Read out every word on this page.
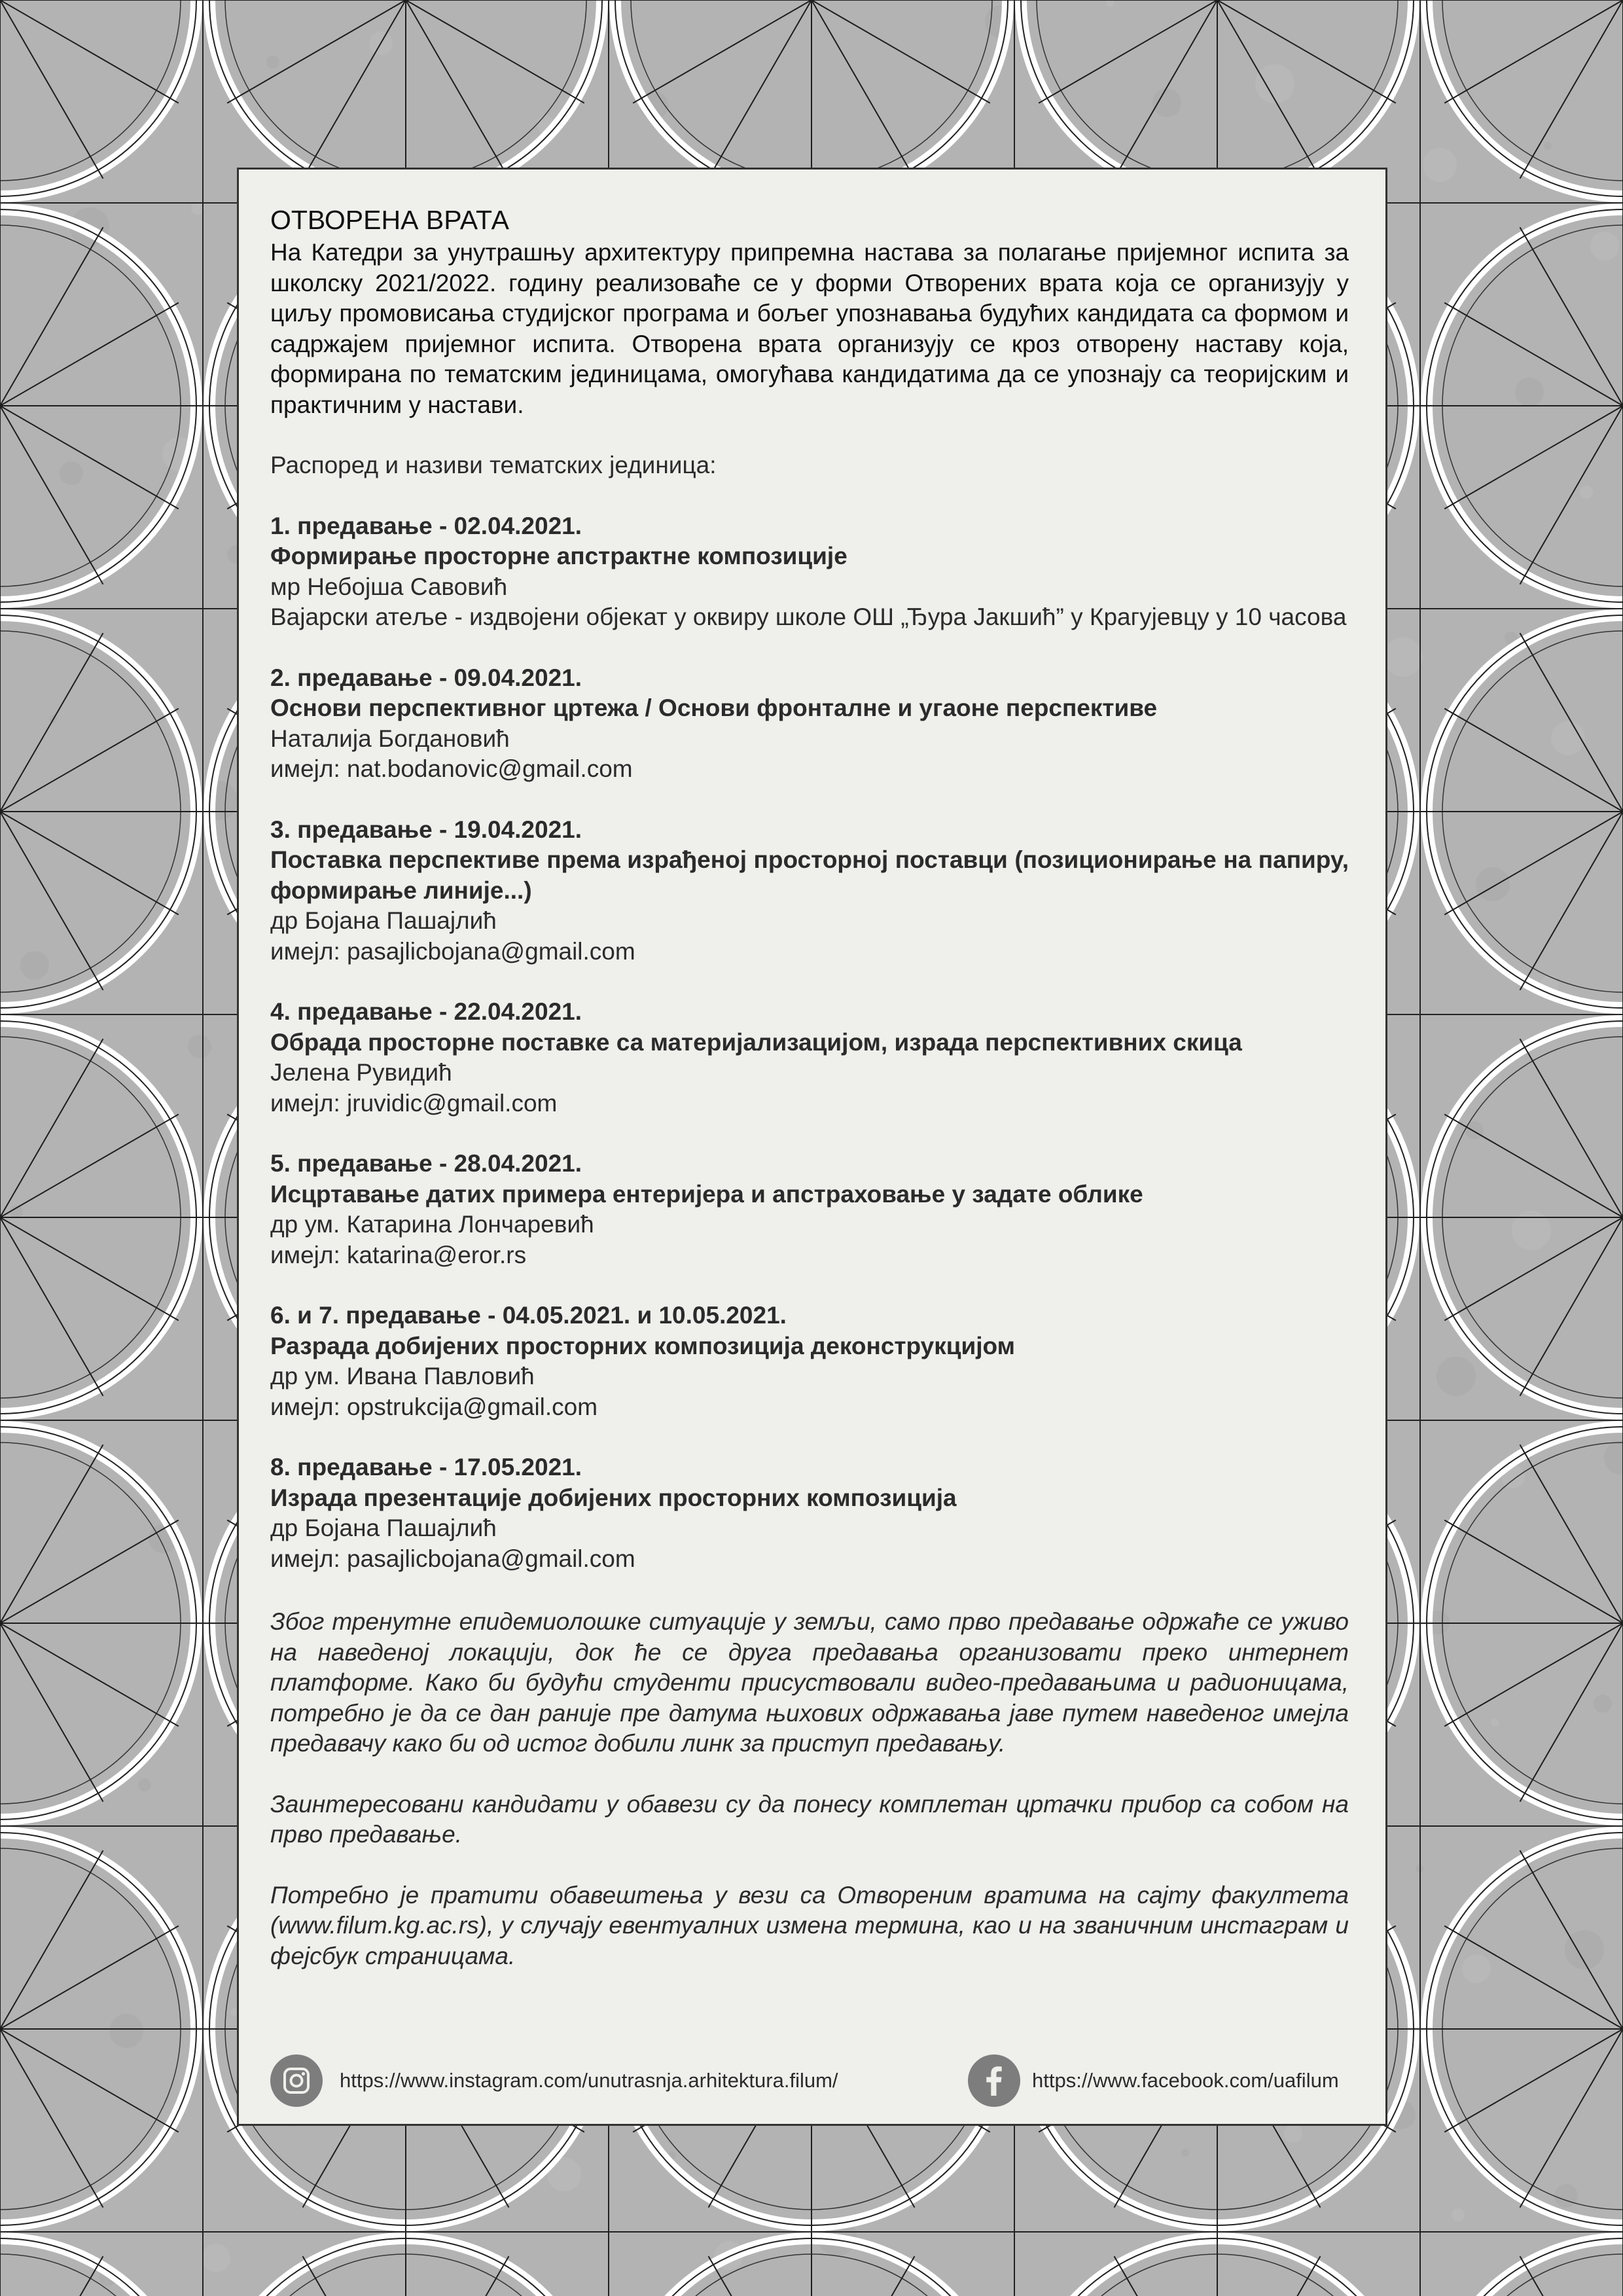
ОТВОРЕНА ВРАТА
На Катедри за унутрашњу архитектуру припремна настава за полагање пријемног испита за школску 2021/2022. годину реализоваће се у форми Отворених врата која се организују у циљу промовисања студијског програма и бољег упознавања будућих кандидата са формом и садржајем пријемног испита. Отворена врата организују се кроз отворену наставу која, формирана по тематским јединицама, омогућава кандидатима да се упознају са теоријским и практичним у настави.
Распоред и називи тематских јединица:
1. предавање - 02.04.2021.
Формирање просторне апстрактне композиције
мр Небојша Савовић
Вајарски атеље - издвојени објекат у оквиру школе ОШ „Ђура Јакшић” у Крагујевцу у 10 часова
2. предавање - 09.04.2021.
Основи перспективног цртежа / Основи фронталне и угаоне перспективе
Наталија Богдановић
имејл: nat.bodanovic@gmail.com
3. предавање - 19.04.2021.
Поставка перспективе према израђеној просторној поставци (позиционирање на папиру, формирање линије...)
др Бојана Пашајлић
имејл: pasajlicbojana@gmail.com
4. предавање - 22.04.2021.
Обрада просторне поставке са материјализацијом, израда перспективних скица
Јелена Рувидић
имејл: jruvidic@gmail.com
5. предавање - 28.04.2021.
Исцртавање датих примера ентеријера и апстраховање у задате облике
др ум. Катарина Лончаревић
имејл: katarina@eror.rs
6. и 7. предавање - 04.05.2021. и 10.05.2021.
Разрада добијених просторних композиција деконструкцијом
др ум. Ивана Павловић
имејл: opstrukcija@gmail.com
8. предавање - 17.05.2021.
Израда презентације добијених просторних композиција
др Бојана Пашајлић
имејл: pasajlicbojana@gmail.com
Због тренутне епидемиолошке ситуације у земљи, само прво предавање одржаће се уживо на наведеној локацији, док ће се друга предавања организовати преко интернет платформе. Како би будући студенти присуствовали видео-предавањима и радионицама, потребно је да се дан раније пре датума њихових одржавања јаве путем наведеног имејла предавачу како би од истог добили линк за приступ предавању.
Заинтересовани кандидати у обавези су да понесу комплетан цртачки прибор са собом на прво предавање.
Потребно је пратити обавештења у вези са Отвореним вратима на сајту факултета (www.filum.kg.ac.rs), у случају евентуалних измена термина, као и на званичним инстаграм и фејсбук страницама.
https://www.instagram.com/unutrasnja.arhitektura.filum/	https://www.facebook.com/uafilum
